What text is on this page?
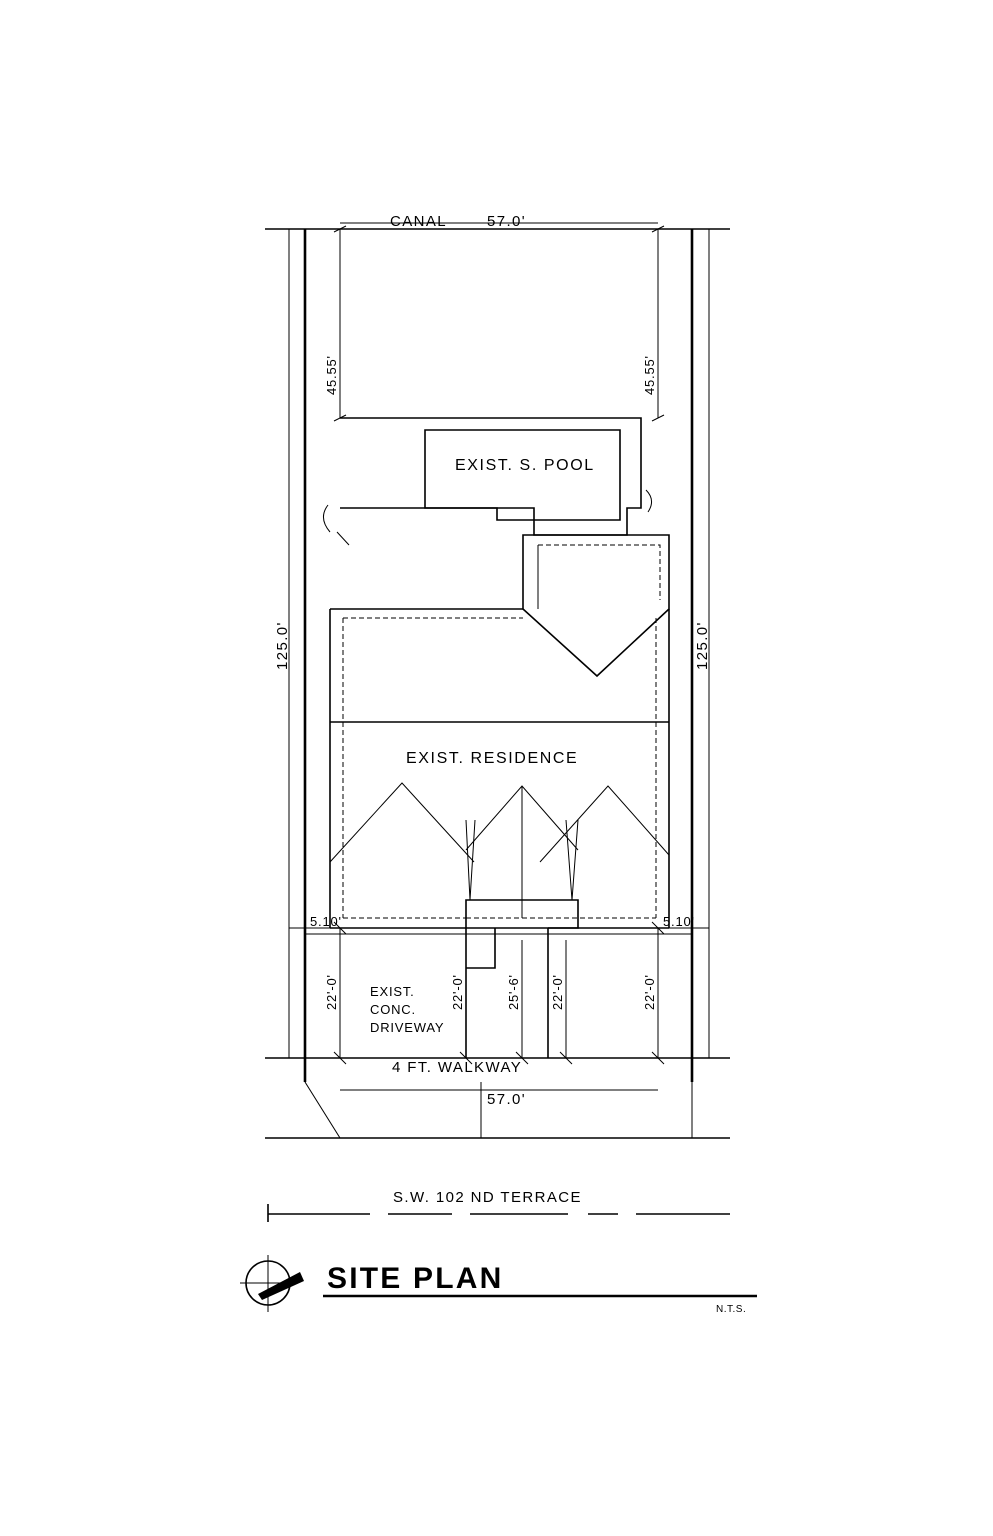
CANAL	57.0'
45.55'	45.55'
125.0'	125.0'
EXIST. S. POOL
EXIST. RESIDENCE
5.10'	5.10'
22'-0'	22'-0'	25'-6' 22'-0'	22'-0'
EXIST.
CONC.
DRIVEWAY
4 FT. WALKWAY
57.0'
S.W. 102 ND TERRACE
SITE PLAN
N.T.S.
